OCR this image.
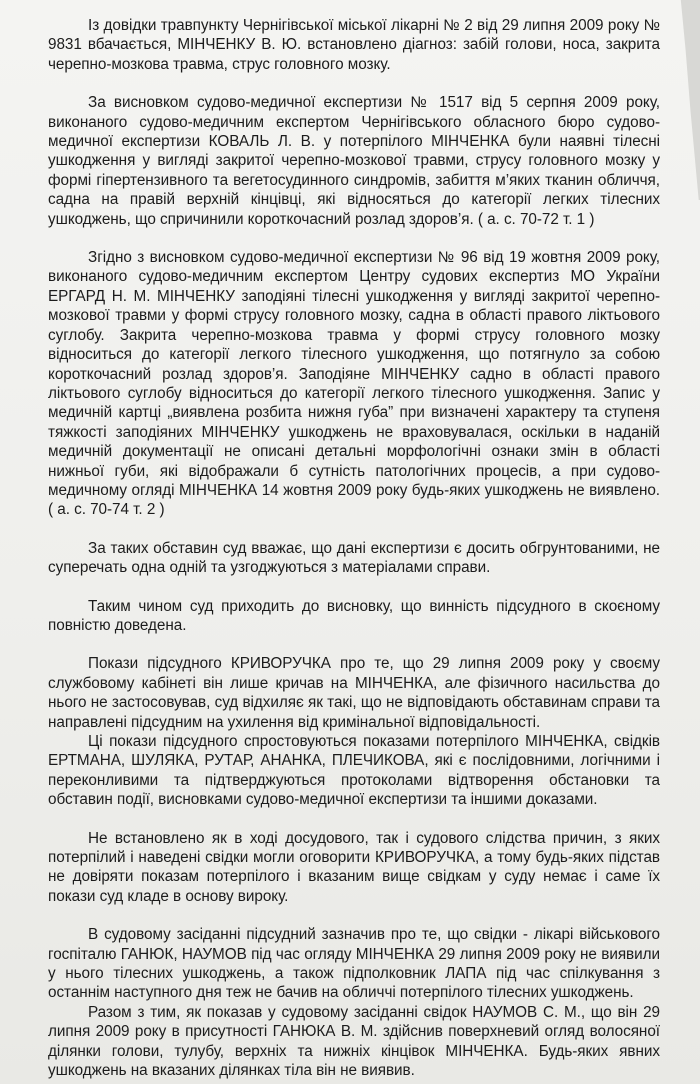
Із довідки травпункту Чернігівської міської лікарні № 2 від 29 липня 2009 року № 9831 вбачається, МІНЧЕНКУ В. Ю. встановлено діагноз: забій голови, носа, закрита черепно-мозкова травма, струс головного мозку.

За висновком судово-медичної експертизи № 1517 від 5 серпня 2009 року, виконаного судово-медичним експертом Чернігівського обласного бюро судово-медичної експертизи КОВАЛЬ Л. В. у потерпілого МІНЧЕНКА були наявні тілесні ушкодження у вигляді закритої черепно-мозкової травми, струсу головного мозку у формі гіпертензивного та вегетосудинного синдромів, забиття м’яких тканин обличчя, садна на правій верхній кінцівці, які відносяться до категорії легких тілесних ушкоджень, що спричинили короткочасний розлад здоров’я. ( а. с. 70-72 т. 1 )

Згідно з висновком судово-медичної експертизи № 96 від 19 жовтня 2009 року, виконаного судово-медичним експертом Центру судових експертиз МО України ЕРГАРД Н. М. МІНЧЕНКУ заподіяні тілесні ушкодження у вигляді закритої черепно-мозкової травми у формі струсу головного мозку, садна в області правого ліктьового суглобу. Закрита черепно-мозкова травма у формі струсу головного мозку відноситься до категорії легкого тілесного ушкодження, що потягнуло за собою короткочасний розлад здоров’я. Заподіяне МІНЧЕНКУ садно в області правого ліктьового суглобу відноситься до категорії легкого тілесного ушкодження. Запис у медичній картці „виявлена розбита нижня губа” при визначені характеру та ступеня тяжкості заподіяних МІНЧЕНКУ ушкоджень не враховувалася, оскільки в наданій медичній документації не описані детальні морфологічні ознаки змін в області нижньої губи, які відображали б сутність патологічних процесів, а при судово-медичному огляді МІНЧЕНКА 14 жовтня 2009 року будь-яких ушкоджень не виявлено. ( а. с. 70-74 т. 2 )

За таких обставин суд вважає, що дані експертизи є досить обгрунтованими, не суперечать одна одній та узгоджуються з матеріалами справи.

Таким чином суд приходить до висновку, що винність підсудного в скоєному повністю доведена.

Покази підсудного КРИВОРУЧКА про те, що 29 липня 2009 року у своєму службовому кабінеті він лише кричав на МІНЧЕНКА, але фізичного насильства до нього не застосовував, суд відхиляє як такі, що не відповідають обставинам справи та направлені підсудним на ухилення від кримінальної відповідальності.

Ці покази підсудного спростовуються показами потерпілого МІНЧЕНКА, свідків ЕРТМАНА, ШУЛЯКА, РУТАР, АНАНКА, ПЛЕЧИКОВА, які є послідовними, логічними і переконливими та підтверджуються протоколами відтворення обстановки та обставин події, висновками судово-медичної експертизи та іншими доказами.

Не встановлено як в ході досудового, так і судового слідства причин, з яких потерпілий і наведені свідки могли оговорити КРИВОРУЧКА, а тому будь-яких підстав не довіряти показам потерпілого і вказаним вище свідкам у суду немає і саме їх покази суд кладе в основу вироку.

В судовому засіданні підсудний зазначив про те, що свідки - лікарі військового госпіталю ГАНЮК, НАУМОВ під час огляду МІНЧЕНКА 29 липня 2009 року не виявили у нього тілесних ушкоджень, а також підполковник ЛАПА під час спілкування з останнім наступного дня теж не бачив на обличчі потерпілого тілесних ушкоджень.

Разом з тим, як показав у судовому засіданні свідок НАУМОВ С. М., що він 29 липня 2009 року в присутності ГАНЮКА В. М. здійснив поверхневий огляд волосяної ділянки голови, тулубу, верхніх та нижніх кінцівок МІНЧЕНКА. Будь-яких явних ушкоджень на вказаних ділянках тіла він не виявив.
